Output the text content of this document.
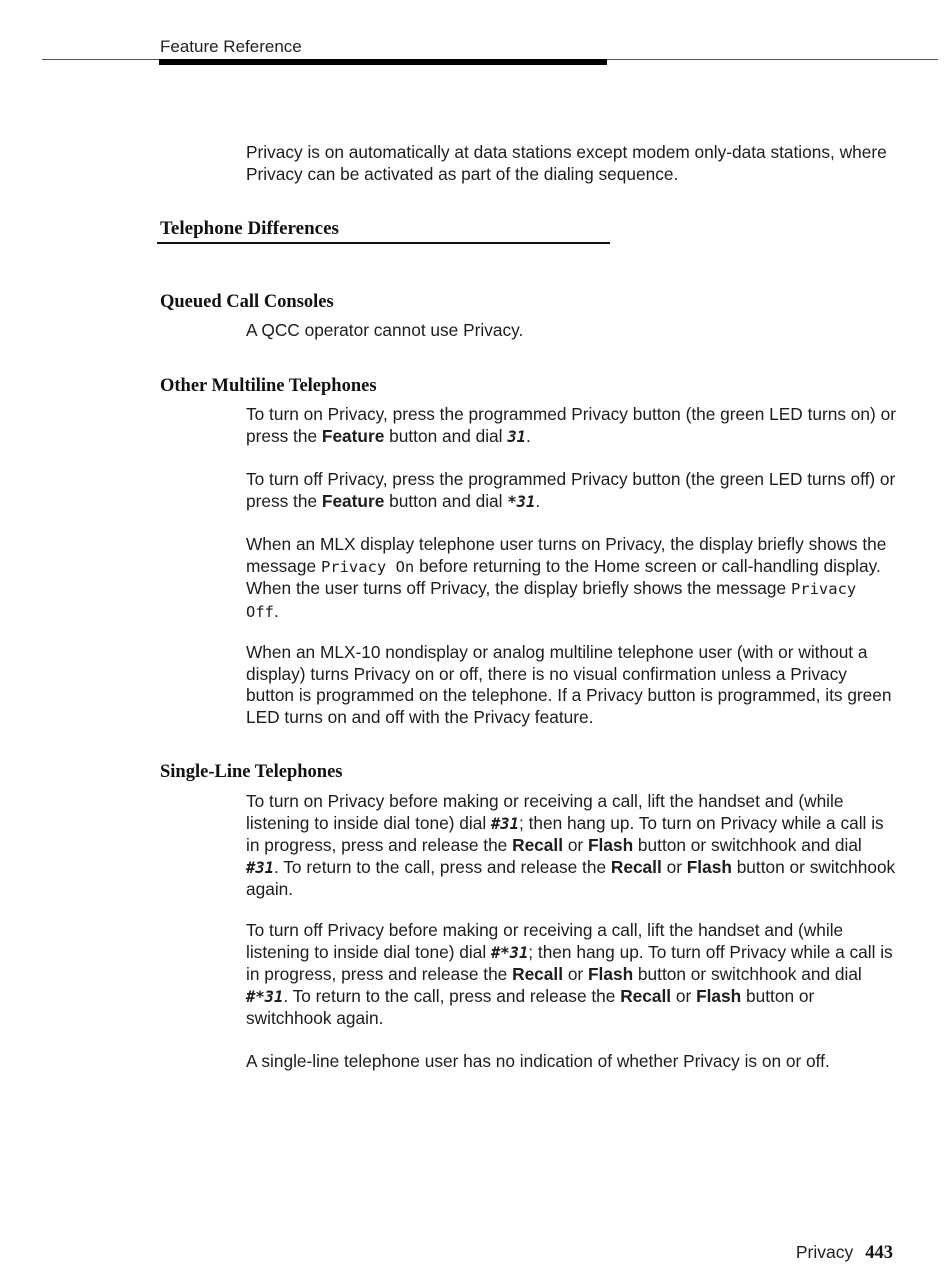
Feature Reference

Privacy is on automatically at data stations except modem only-data stations, where Privacy can be activated as part of the dialing sequence.

Telephone Differences
Queued Call Consoles

A QCC operator cannot use Privacy.

Other Multiline Telephones

To turn on Privacy, press the programmed Privacy button (the green LED turns on) or press the Feature button and dial 31.

To turn off Privacy, press the programmed Privacy button (the green LED turns off) or press the Feature button and dial *31.

When an MLX display telephone user turns on Privacy, the display briefly shows the message Privacy On before returning to the Home screen or call-handling display. When the user turns off Privacy, the display briefly shows the message Privacy Off.

When an MLX-10 nondisplay or analog multiline telephone user (with or without a display) turns Privacy on or off, there is no visual confirmation unless a Privacy button is programmed on the telephone. If a Privacy button is programmed, its green LED turns on and off with the Privacy feature.

Single-Line Telephones

To turn on Privacy before making or receiving a call, lift the handset and (while listening to inside dial tone) dial #31; then hang up. To turn on Privacy while a call is in progress, press and release the Recall or Flash button or switchhook and dial #31. To return to the call, press and release the Recall or Flash button or switchhook again.

To turn off Privacy before making or receiving a call, lift the handset and (while listening to inside dial tone) dial #*31; then hang up. To turn off Privacy while a call is in progress, press and release the Recall or Flash button or switchhook and dial #*31. To return to the call, press and release the Recall or Flash button or switchhook again.

A single-line telephone user has no indication of whether Privacy is on or off.

Privacy 443
